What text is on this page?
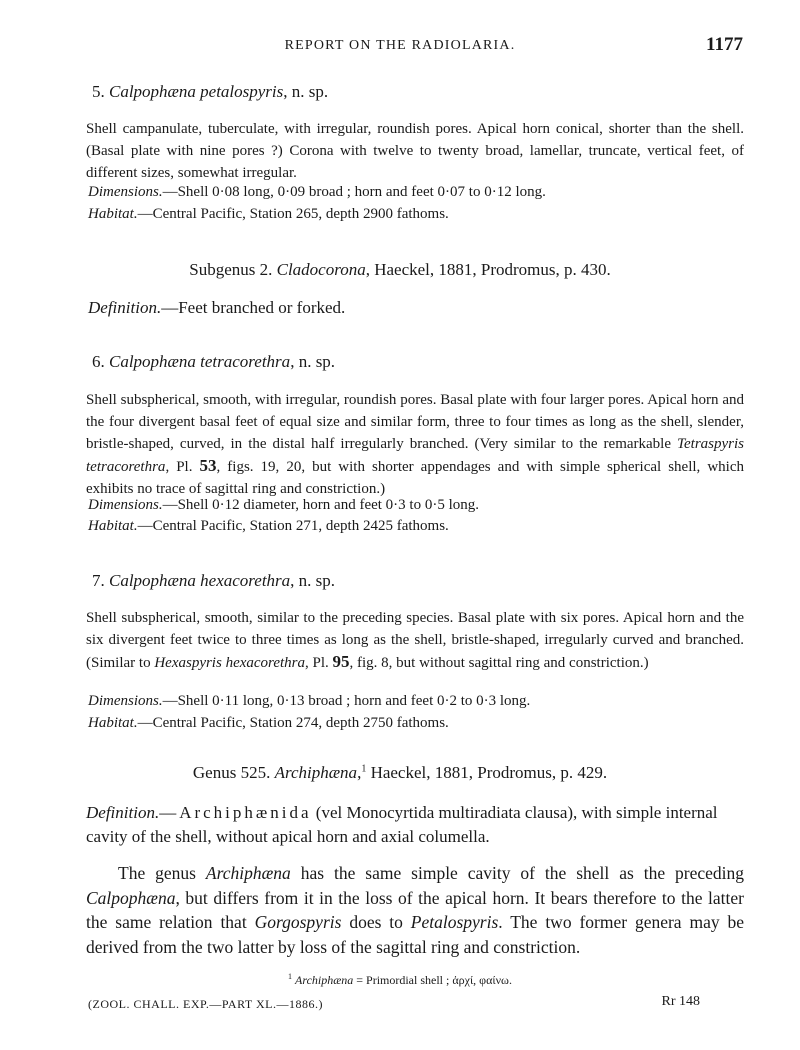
REPORT ON THE RADIOLARIA.	1177
5. Calpophæna petalospyris, n. sp.
Shell campanulate, tuberculate, with irregular, roundish pores. Apical horn conical, shorter than the shell. (Basal plate with nine pores ?) Corona with twelve to twenty broad, lamellar, truncate, vertical feet, of different sizes, somewhat irregular.
Dimensions.—Shell 0·08 long, 0·09 broad ; horn and feet 0·07 to 0·12 long.
Habitat.—Central Pacific, Station 265, depth 2900 fathoms.
Subgenus 2. Cladocorona, Haeckel, 1881, Prodromus, p. 430.
Definition.—Feet branched or forked.
6. Calpophæna tetracorethra, n. sp.
Shell subspherical, smooth, with irregular, roundish pores. Basal plate with four larger pores. Apical horn and the four divergent basal feet of equal size and similar form, three to four times as long as the shell, slender, bristle-shaped, curved, in the distal half irregularly branched. (Very similar to the remarkable Tetraspyris tetracorethra, Pl. 53, figs. 19, 20, but with shorter appendages and with simple spherical shell, which exhibits no trace of sagittal ring and constriction.)
Dimensions.—Shell 0·12 diameter, horn and feet 0·3 to 0·5 long.
Habitat.—Central Pacific, Station 271, depth 2425 fathoms.
7. Calpophæna hexacorethra, n. sp.
Shell subspherical, smooth, similar to the preceding species. Basal plate with six pores. Apical horn and the six divergent feet twice to three times as long as the shell, bristle-shaped, irregularly curved and branched. (Similar to Hexaspyris hexacorethra, Pl. 95, fig. 8, but without sagittal ring and constriction.)
Dimensions.—Shell 0·11 long, 0·13 broad ; horn and feet 0·2 to 0·3 long.
Habitat.—Central Pacific, Station 274, depth 2750 fathoms.
Genus 525. Archiphæna,$^1$ Haeckel, 1881, Prodromus, p. 429.
Definition.—Archiphænida (vel Monocyrtida multiradiata clausa), with simple internal cavity of the shell, without apical horn and axial columella.
The genus Archiphæna has the same simple cavity of the shell as the preceding Calpophæna, but differs from it in the loss of the apical horn. It bears therefore to the latter the same relation that Gorgospyris does to Petalospyris. The two former genera may be derived from the two latter by loss of the sagittal ring and constriction.
$^1$ Archiphæna = Primordial shell ; ἀρχί, φαίνω.
(ZOOL. CHALL. EXP.—PART XL.—1886.)	Rr 148
